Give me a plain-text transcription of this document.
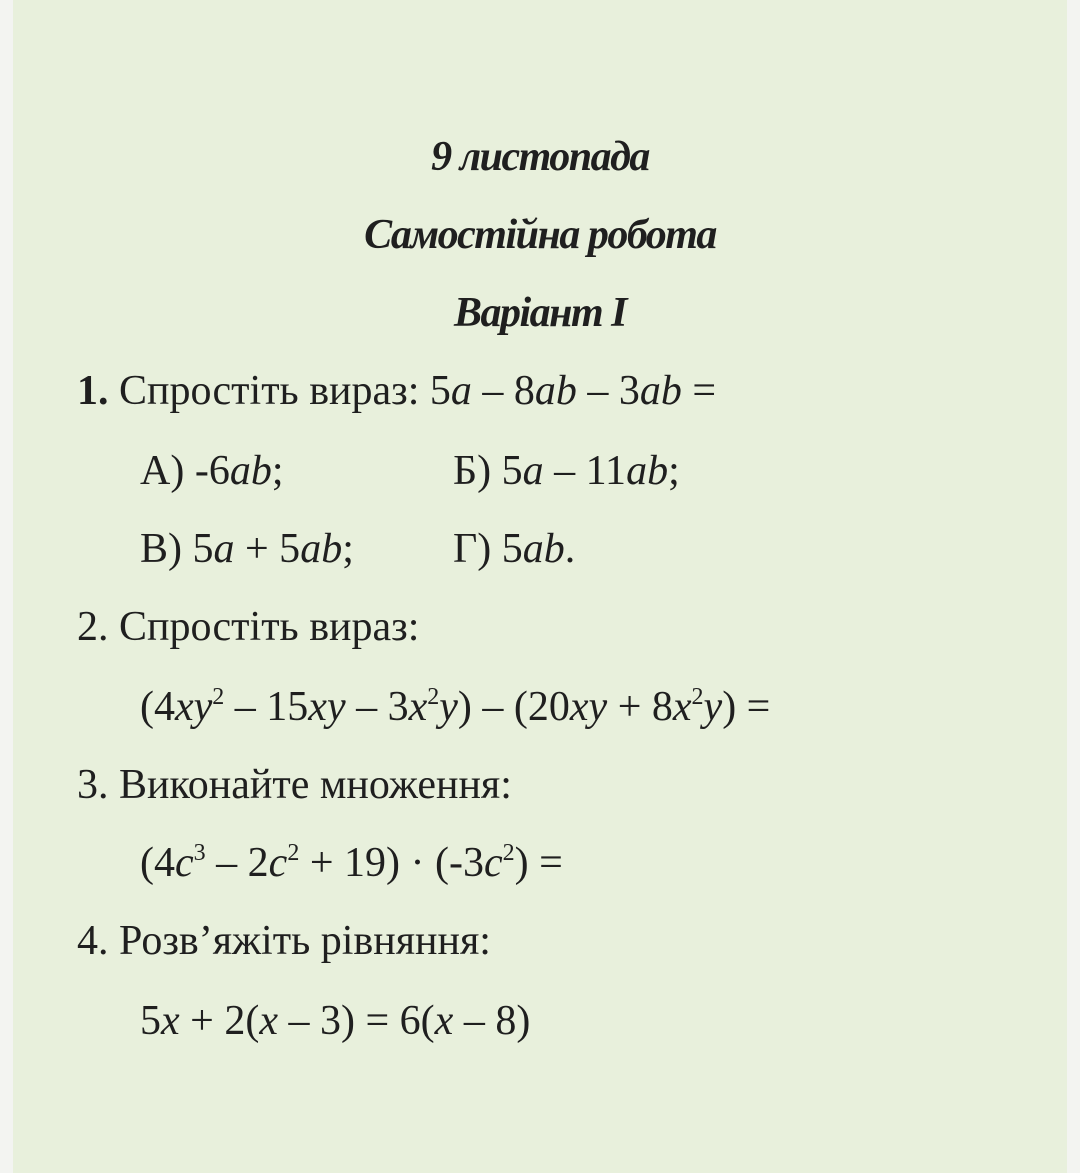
9 листопада
Самостійна робота
Варіант І
1. Спростіть вираз: 5a – 8ab – 3ab =
А) -6ab;	Б) 5a – 11ab;
В) 5a + 5ab; Г) 5ab.
2. Спростіть вираз:
$(4xy^2 - 15xy - 3x^2y) - (20xy + 8x^2y)$ =
3. Виконайте множення:
$(4c^3 - 2c^2 + 19) \cdot (-3c^2)$ =
4. Розв’яжіть рівняння:
5x + 2(x – 3) = 6(x – 8)
